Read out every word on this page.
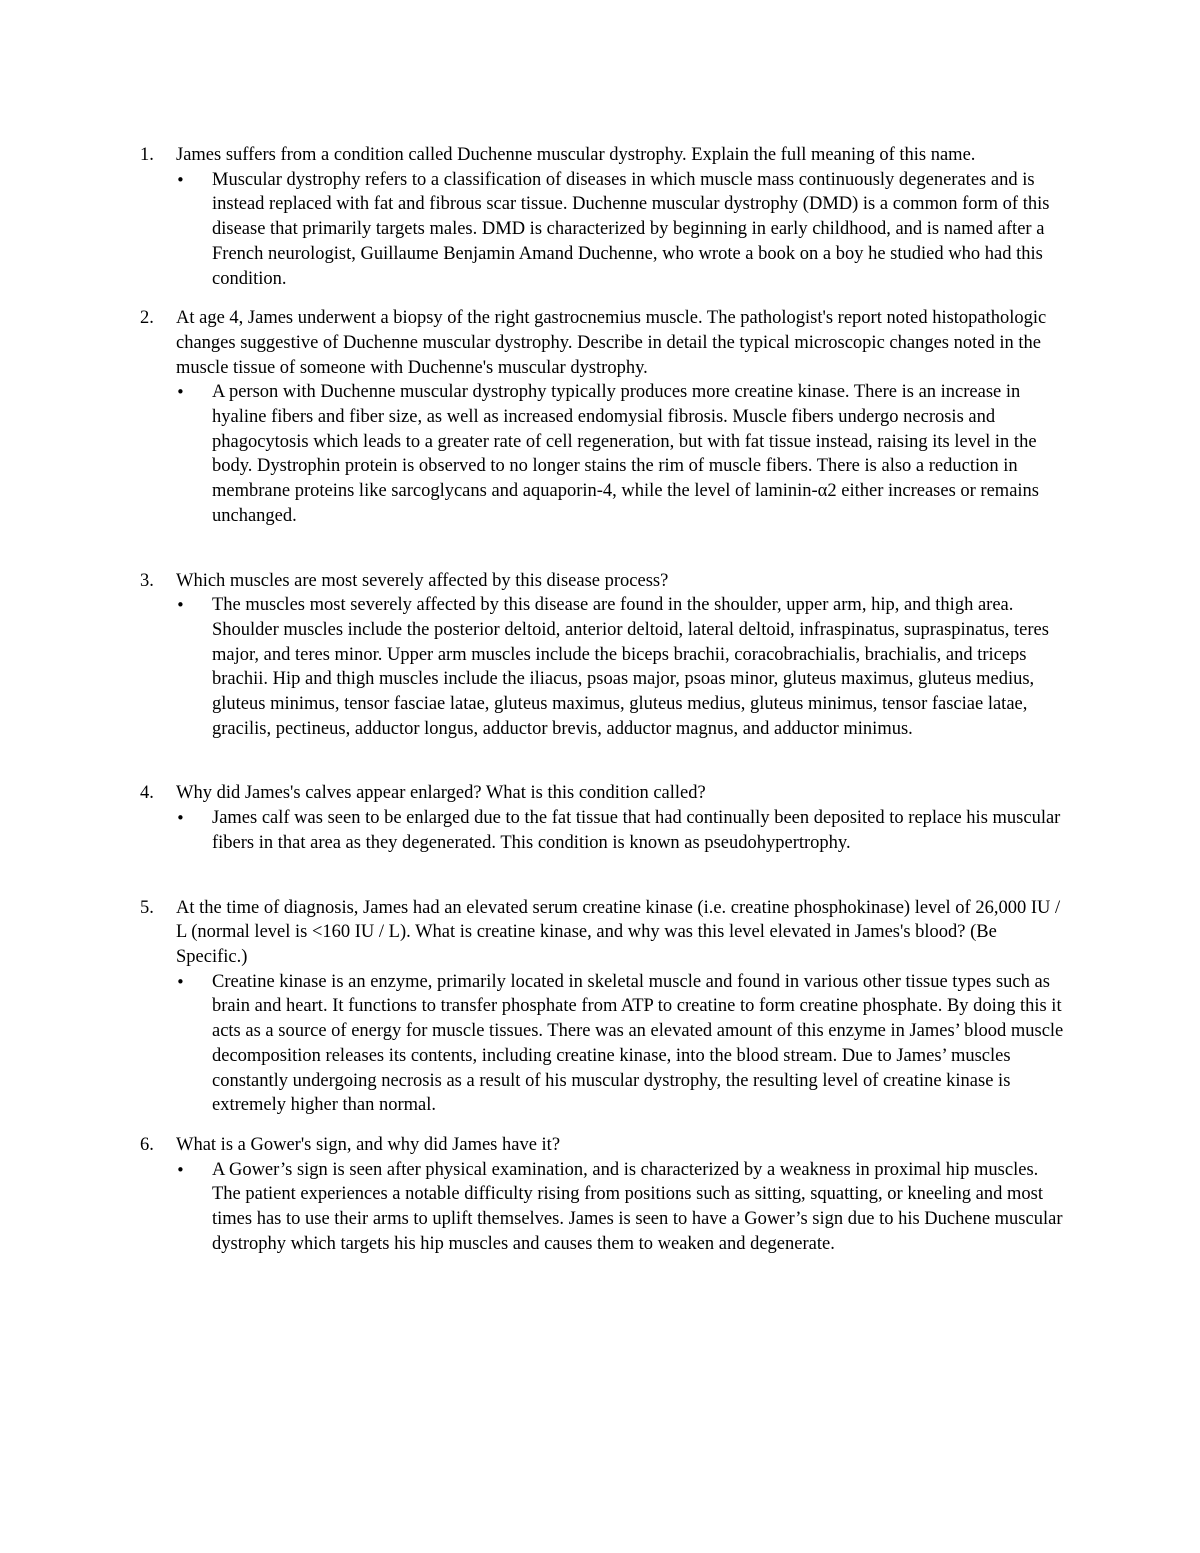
1.	James suffers from a condition called Duchenne muscular dystrophy. Explain the full meaning of this name.

•	Muscular dystrophy refers to a classification of diseases in which muscle mass continuously degenerates and is instead replaced with fat and fibrous scar tissue. Duchenne muscular dystrophy (DMD) is a common form of this disease that primarily targets males. DMD is characterized by beginning in early childhood, and is named after a French neurologist, Guillaume Benjamin Amand Duchenne, who wrote a book on a boy he studied who had this condition.
2.	At age 4, James underwent a biopsy of the right gastrocnemius muscle. The pathologist's report noted histopathologic changes suggestive of Duchenne muscular dystrophy. Describe in detail the typical microscopic changes noted in the muscle tissue of someone with Duchenne's muscular dystrophy.

•	A person with Duchenne muscular dystrophy typically produces more creatine kinase. There is an increase in hyaline fibers and fiber size, as well as increased endomysial fibrosis. Muscle fibers undergo necrosis and phagocytosis which leads to a greater rate of cell regeneration, but with fat tissue instead, raising its level in the body. Dystrophin protein is observed to no longer stains the rim of muscle fibers. There is also a reduction in membrane proteins like sarcoglycans and aquaporin-4, while the level of laminin-α2 either increases or remains unchanged.
3.	Which muscles are most severely affected by this disease process?

•	The muscles most severely affected by this disease are found in the shoulder, upper arm, hip, and thigh area. Shoulder muscles include the posterior deltoid, anterior deltoid, lateral deltoid, infraspinatus, supraspinatus, teres major, and teres minor. Upper arm muscles include the biceps brachii, coracobrachialis, brachialis, and triceps brachii. Hip and thigh muscles include the iliacus, psoas major, psoas minor, gluteus maximus, gluteus medius, gluteus minimus, tensor fasciae latae, gluteus maximus, gluteus medius, gluteus minimus, tensor fasciae latae, gracilis, pectineus, adductor longus, adductor brevis, adductor magnus, and adductor minimus.
4.	Why did James's calves appear enlarged? What is this condition called?

•	James calf was seen to be enlarged due to the fat tissue that had continually been deposited to replace his muscular fibers in that area as they degenerated. This condition is known as pseudohypertrophy.
5.	At the time of diagnosis, James had an elevated serum creatine kinase (i.e. creatine phosphokinase) level of 26,000 IU / L (normal level is <160 IU / L). What is creatine kinase, and why was this level elevated in James's blood? (Be Specific.)

•	Creatine kinase is an enzyme, primarily located in skeletal muscle and found in various other tissue types such as brain and heart. It functions to transfer phosphate from ATP to creatine to form creatine phosphate. By doing this it acts as a source of energy for muscle tissues. There was an elevated amount of this enzyme in James’ blood muscle decomposition releases its contents, including creatine kinase, into the blood stream. Due to James’ muscles constantly undergoing necrosis as a result of his muscular dystrophy, the resulting level of creatine kinase is extremely higher than normal.
6.	What is a Gower's sign, and why did James have it?

•	A Gower’s sign is seen after physical examination, and is characterized by a weakness in proximal hip muscles. The patient experiences a notable difficulty rising from positions such as sitting, squatting, or kneeling and most times has to use their arms to uplift themselves. James is seen to have a Gower’s sign due to his Duchene muscular dystrophy which targets his hip muscles and causes them to weaken and degenerate.
